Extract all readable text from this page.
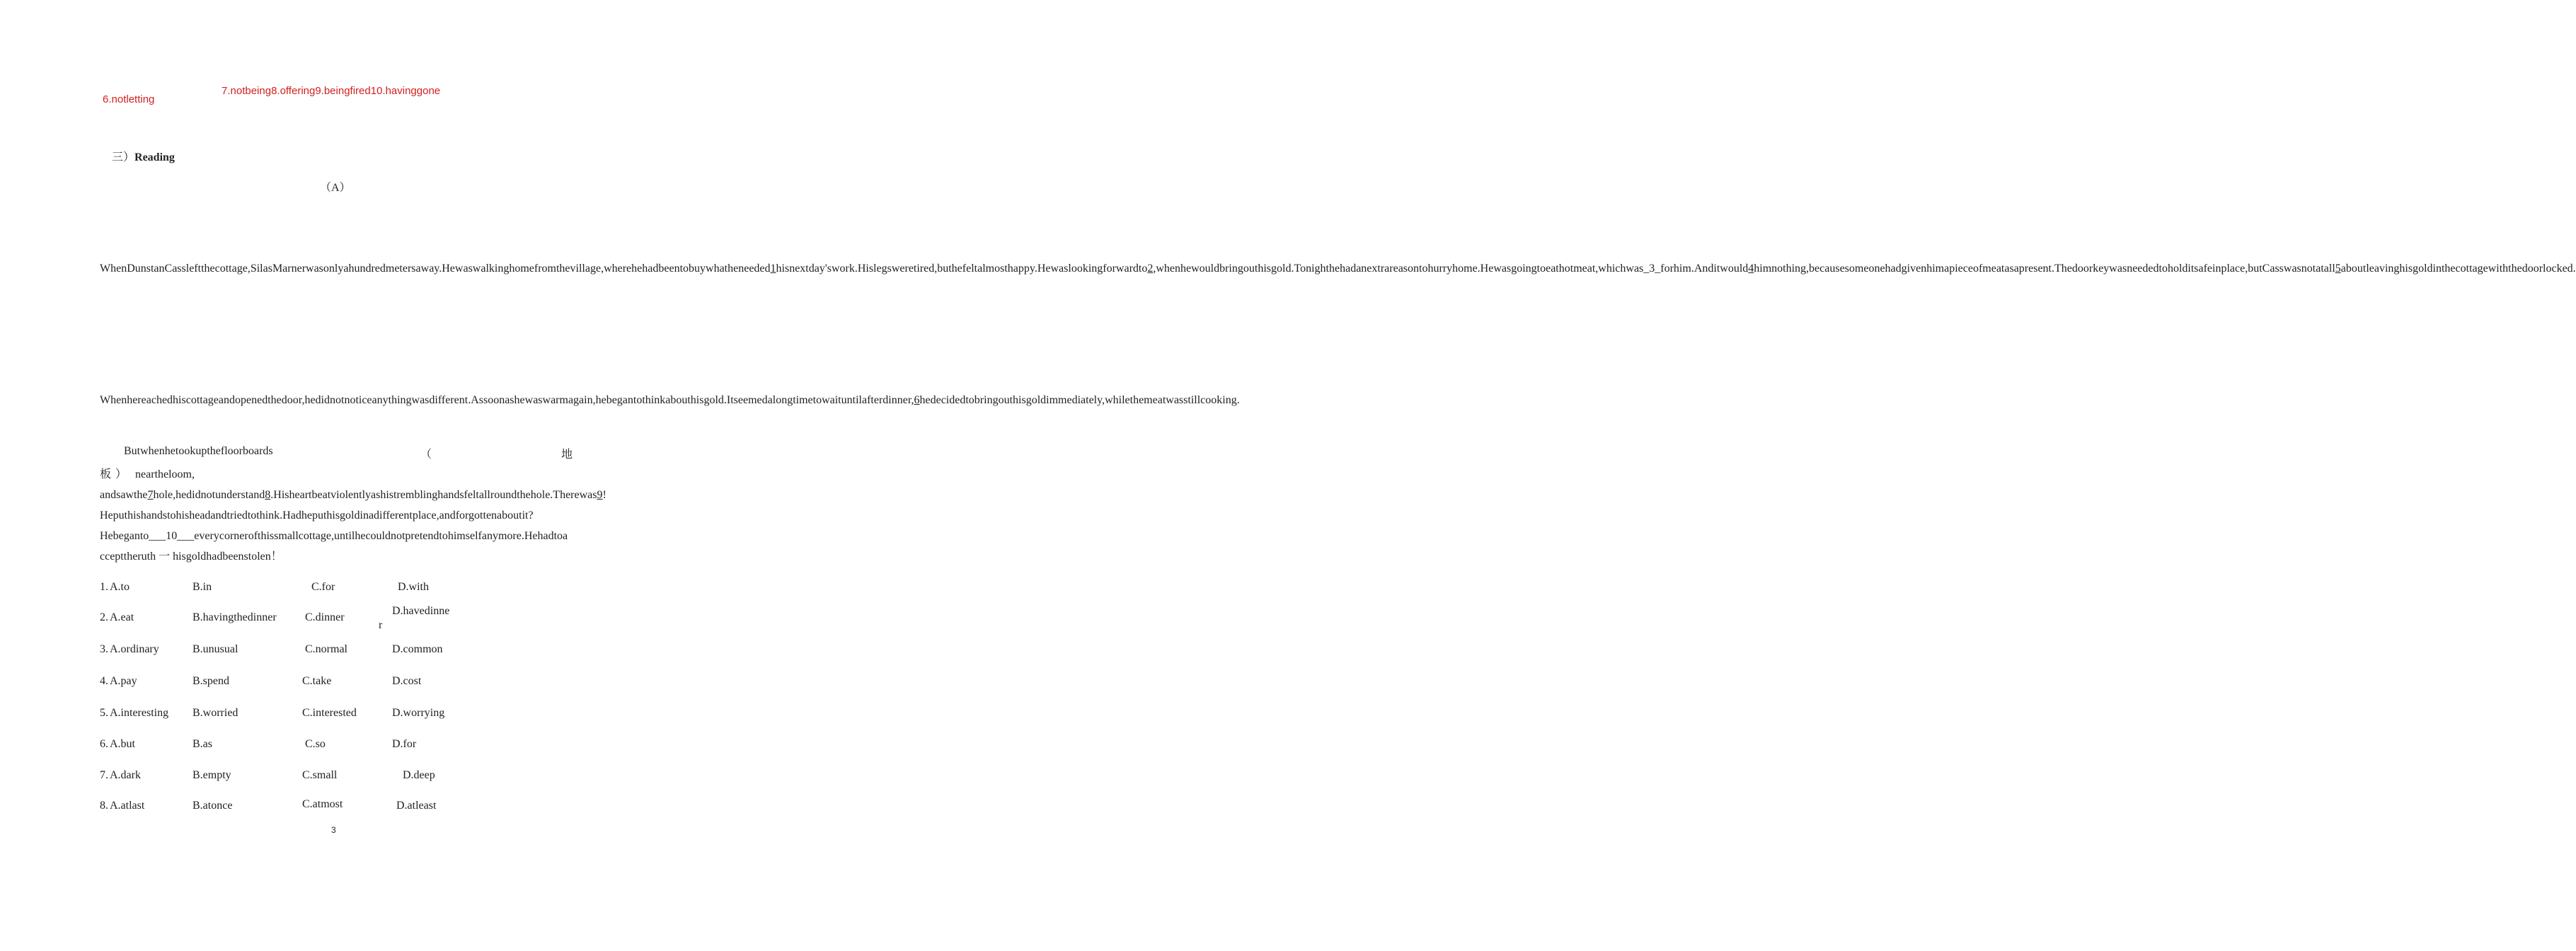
6.notletting
7.notbeing8.offering9.beingfired10.havinggone
三）Reading
（A）
WhenDunstanCassleftthecottage,SilasMarnerwasonlyahundredmetersaway.Hewaswalkinghomefromthevillage,wherehehadbeentobuywhatheneeded1hisnextday'swork.Hislegsweretired,buthefeltalmosthappy.Hewaslookingforwardto2,whenhewouldbringouthisgold.Tonighthehadanextrareasontohurryhome.Hewasgoingtoeathotmeat,whichwas_3_forhim.Anditwould4himnothing,becausesomeonehadgivenhimapieceofmeatasapresent.Thedoorkeywasneededtoholditsafeinplace,butCasswasnotatall5aboutleavinghisgoldinthecottagewiththedoorlocked.
Whenhereachedhiscottageandopenedthedoor,hedidnotnoticeanythingwasdifferent.Assoonashewaswarmagain,hebegantothinkabouthisgold.Itseemedalongtimetowaituntilafterdinner,6hedecidedtobringouthisgoldimmediately,whilethemeatwasstillcooking.
Butwhenhetookupthefloorboards	（	地
板 ） neartheloom, andsawthe7hole,hedidnotunderstand8.Hisheartbeatviolentlyashistremblinghandsfeltallroundthehole.Therewas9!
Heputhishandstohisheadandtriedtothink.Hadheputhisgoldinadifferentplace,andforgottenaboutit?
Hebeganto___10___everycornerofthissmallcottage,untilhecouldnotpretendtohimselfanymore.Hehadtoaccepttheruth 一 hisgoldhadbeenstolen！
1. A.to	B.in	C.for	D.with
2. A.eat	B.havingthedinner	C.dinner
D.havedinne
r
3. A.ordinary	B.unusual	C.normal	D.common
4. A.pay	B.spend	C.take	D.cost
5. A.interesting B.worried	C.interested	D.worrying
6. A.but	B.as	C.so	D.for
7. A.dark	B.empty	C.small	D.deep
8. A.atlast	B.atonce	C.atmost	D.atleast
3
